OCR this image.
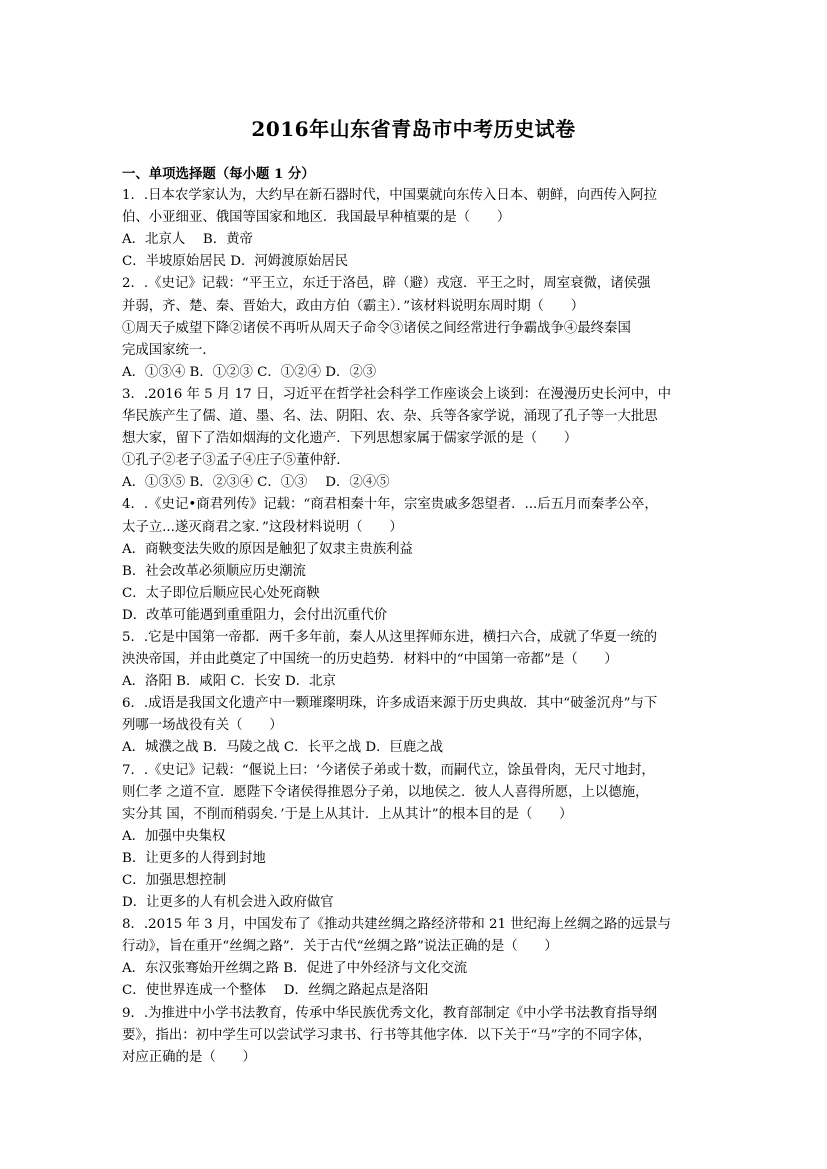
2016年山东省青岛市中考历史试卷
一、单项选择题（每小题 1 分）
1．.日本农学家认为，大约早在新石器时代，中国粟就向东传入日本、朝鲜，向西传入阿拉
伯、小亚细亚、俄国等国家和地区．我国最早种植粟的是（　　）
A．北京人　 B．黄帝
C．半坡原始居民 D．河姆渡原始居民
2．.《史记》记载：“平王立，东迁于洛邑，辟（避）戎寇．平王之时，周室衰微，诸侯强
并弱，齐、楚、秦、晋始大，政由方伯（霸主）．”该材料说明东周时期（　　）
①周天子威望下降②诸侯不再听从周天子命令③诸侯之间经常进行争霸战争④最终秦国
完成国家统一．
A．①③④ B．①②③ C．①②④ D．②③
3．.2016 年 5 月 17 日，习近平在哲学社会科学工作座谈会上谈到：在漫漫历史长河中，中
华民族产生了儒、道、墨、名、法、阴阳、农、杂、兵等各家学说，涌现了孔子等一大批思
想大家，留下了浩如烟海的文化遗产．下列思想家属于儒家学派的是（　　）
①孔子②老子③孟子④庄子⑤董仲舒．
A．①③⑤ B．②③④ C．①③　 D．②④⑤
4．.《史记•商君列传》记载：“商君相秦十年，宗室贵戚多怨望者．...后五月而秦孝公卒，
太子立...遂灭商君之家．”这段材料说明（　　）
A．商鞅变法失败的原因是触犯了奴隶主贵族利益
B．社会改革必须顺应历史潮流
C．太子即位后顺应民心处死商鞅
D．改革可能遇到重重阻力，会付出沉重代价
5．.它是中国第一帝都．两千多年前，秦人从这里挥师东进，横扫六合，成就了华夏一统的
泱泱帝国，并由此奠定了中国统一的历史趋势．材料中的“中国第一帝都”是（　　）
A．洛阳 B．咸阳 C．长安 D．北京
6．.成语是我国文化遗产中一颗璀璨明珠，许多成语来源于历史典故．其中“破釜沉舟”与下
列哪一场战役有关（　　）
A．城濮之战 B．马陵之战 C．长平之战 D．巨鹿之战
7．.《史记》记载：“偃说上曰：‘今诸侯子弟或十数，而嗣代立，馀虽骨肉，无尺寸地封，
则仁孝 之道不宣．愿陛下令诸侯得推恩分子弟，以地侯之．彼人人喜得所愿，上以德施，
实分其 国，不削而稍弱矣．’于是上从其计．上从其计”的根本目的是（　　）
A．加强中央集权
B．让更多的人得到封地
C．加强思想控制
D．让更多的人有机会进入政府做官
8．.2015 年 3 月，中国发布了《推动共建丝绸之路经济带和 21 世纪海上丝绸之路的远景与
行动》，旨在重开“丝绸之路”．关于古代“丝绸之路”说法正确的是（　　）
A．东汉张骞始开丝绸之路 B．促进了中外经济与文化交流
C．使世界连成一个整体　 D．丝绸之路起点是洛阳
9．.为推进中小学书法教育，传承中华民族优秀文化，教育部制定《中小学书法教育指导纲
要》，指出：初中学生可以尝试学习隶书、行书等其他字体．以下关于“马”字的不同字体，
对应正确的是（　　）
